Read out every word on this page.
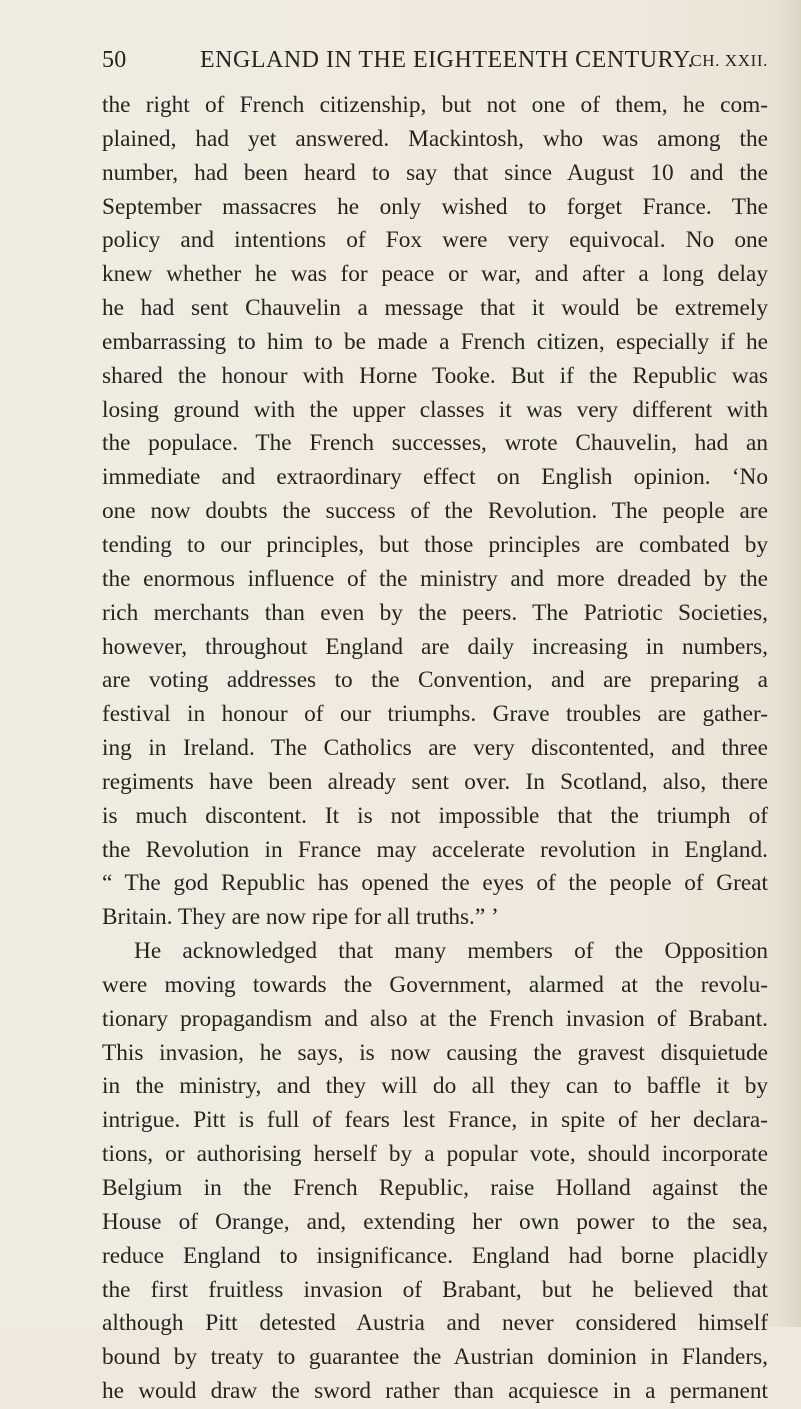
50	ENGLAND IN THE EIGHTEENTH CENTURY.
CH. XXII.
the right of French citizenship, but not one of them, he com-
plained, had yet answered. Mackintosh, who was among the
number, had been heard to say that since August 10 and the
September massacres he only wished to forget France. The
policy and intentions of Fox were very equivocal. No one
knew whether he was for peace or war, and after a long delay
he had sent Chauvelin a message that it would be extremely
embarrassing to him to be made a French citizen, especially if he
shared the honour with Horne Tooke. But if the Republic was
losing ground with the upper classes it was very different with
the populace. The French successes, wrote Chauvelin, had an
immediate and extraordinary effect on English opinion. ‘No
one now doubts the success of the Revolution. The people are
tending to our principles, but those principles are combated by
the enormous influence of the ministry and more dreaded by the
rich merchants than even by the peers. The Patriotic Societies,
however, throughout England are daily increasing in numbers,
are voting addresses to the Convention, and are preparing a
festival in honour of our triumphs. Grave troubles are gather-
ing in Ireland. The Catholics are very discontented, and three
regiments have been already sent over. In Scotland, also, there
is much discontent. It is not impossible that the triumph of
the Revolution in France may accelerate revolution in England.
“ The god Republic has opened the eyes of the people of Great
Britain. They are now ripe for all truths.” ’
He acknowledged that many members of the Opposition
were moving towards the Government, alarmed at the revolu-
tionary propagandism and also at the French invasion of Brabant.
This invasion, he says, is now causing the gravest disquietude
in the ministry, and they will do all they can to baffle it by
intrigue. Pitt is full of fears lest France, in spite of her declara-
tions, or authorising herself by a popular vote, should incorporate
Belgium in the French Republic, raise Holland against the
House of Orange, and, extending her own power to the sea,
reduce England to insignificance. England had borne placidly
the first fruitless invasion of Brabant, but he believed that
although Pitt detested Austria and never considered himself
bound by treaty to guarantee the Austrian dominion in Flanders,
he would draw the sword rather than acquiesce in a permanent
